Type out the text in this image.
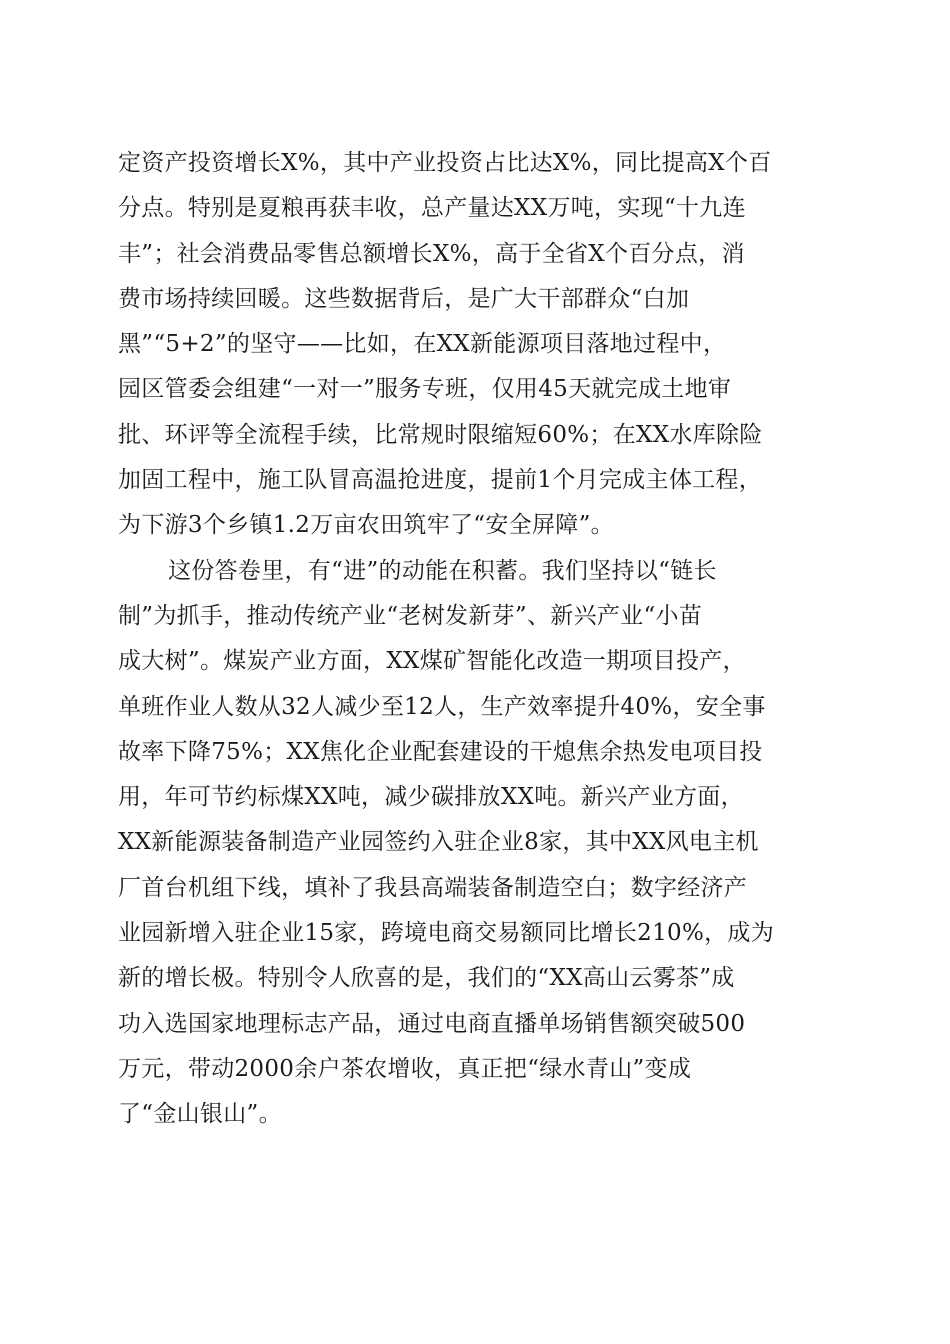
定资产投资增长X%，其中产业投资占比达X%，同比提高X个百
分点。特别是夏粮再获丰收，总产量达XX万吨，实现“十九连
丰”；社会消费品零售总额增长X%，高于全省X个百分点，消
费市场持续回暖。这些数据背后，是广大干部群众“白加
黑”“5+2”的坚守——比如，在XX新能源项目落地过程中，
园区管委会组建“一对一”服务专班，仅用45天就完成土地审
批、环评等全流程手续，比常规时限缩短60%；在XX水库除险
加固工程中，施工队冒高温抢进度，提前1个月完成主体工程，
为下游3个乡镇1.2万亩农田筑牢了“安全屏障”。
这份答卷里，有“进”的动能在积蓄。我们坚持以“链长
制”为抓手，推动传统产业“老树发新芽”、新兴产业“小苗
成大树”。煤炭产业方面，XX煤矿智能化改造一期项目投产，
单班作业人数从32人减少至12人，生产效率提升40%，安全事
故率下降75%；XX焦化企业配套建设的干熄焦余热发电项目投
用，年可节约标煤XX吨，减少碳排放XX吨。新兴产业方面，
XX新能源装备制造产业园签约入驻企业8家，其中XX风电主机
厂首台机组下线，填补了我县高端装备制造空白；数字经济产
业园新增入驻企业15家，跨境电商交易额同比增长210%，成为
新的增长极。特别令人欣喜的是，我们的“XX高山云雾茶”成
功入选国家地理标志产品，通过电商直播单场销售额突破500
万元，带动2000余户茶农增收，真正把“绿水青山”变成
了“金山银山”。
